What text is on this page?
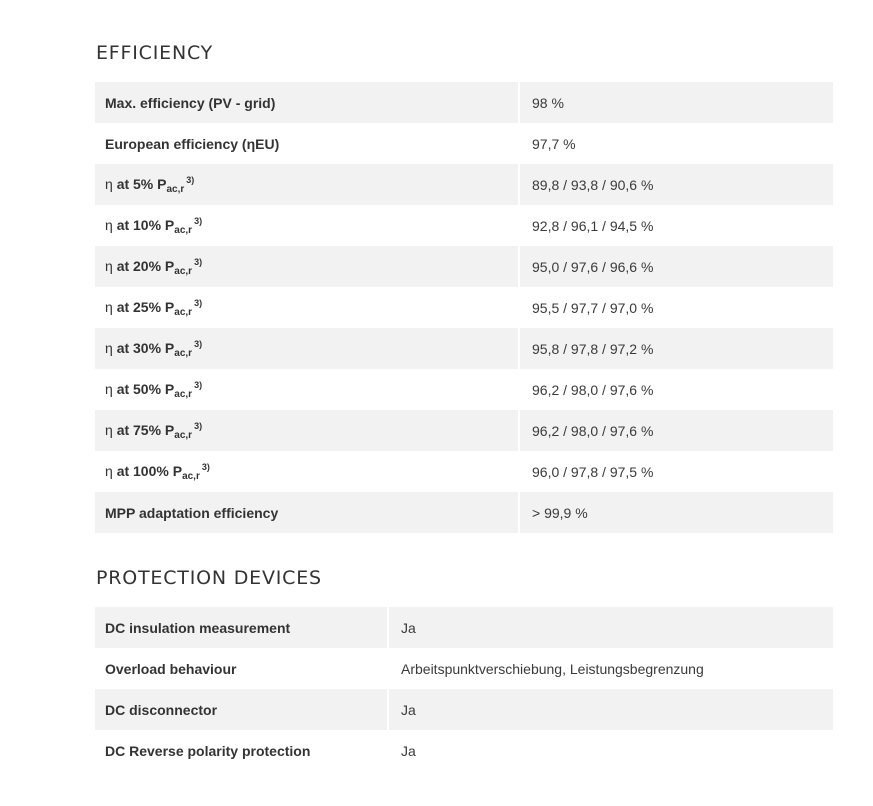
EFFICIENCY
Max. efficiency (PV - grid)	98 %
European efficiency (ηEU)	97,7 %
η at 5% $P_{ac,r}^{3)}$	89,8 / 93,8 / 90,6 %
η at 10% $P_{ac,r}^{3)}$	92,8 / 96,1 / 94,5 %
η at 20% $P_{ac,r}^{3)}$	95,0 / 97,6 / 96,6 %
η at 25% $P_{ac,r}^{3)}$	95,5 / 97,7 / 97,0 %
η at 30% $P_{ac,r}^{3)}$	95,8 / 97,8 / 97,2 %
η at 50% $P_{ac,r}^{3)}$	96,2 / 98,0 / 97,6 %
η at 75% $P_{ac,r}^{3)}$	96,2 / 98,0 / 97,6 %
η at 100% $P_{ac,r}^{3)}$	96,0 / 97,8 / 97,5 %
MPP adaptation efficiency	> 99,9 %
PROTECTION DEVICES
DC insulation measurement	Ja
Overload behaviour	Arbeitspunktverschiebung, Leistungsbegrenzung
DC disconnector	Ja
DC Reverse polarity protection	Ja
